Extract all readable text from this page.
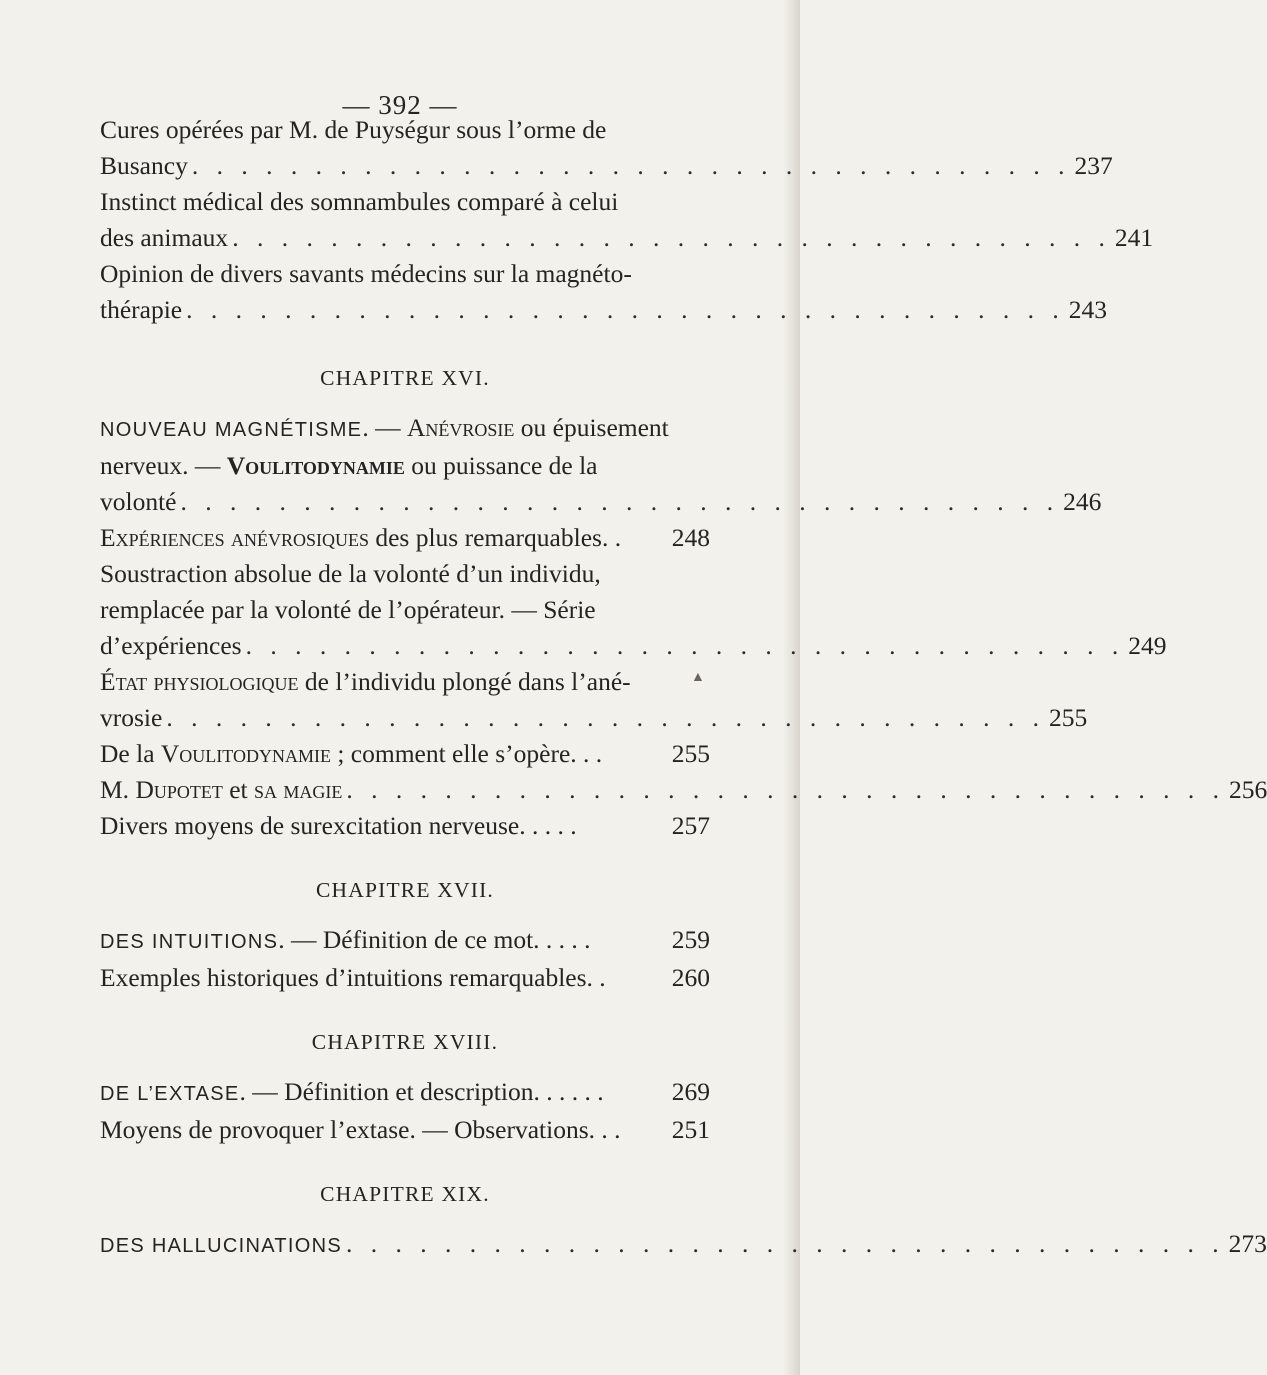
— 392 —
Cures opérées par M. de Puységur sous l’orme de
Busancy . . . . . . . . . . . . . . . . . . . . . . . . . . . . . . . . . . . . 237
Instinct médical des somnambules comparé à celui
des animaux . . . . . . . . . . . . . . . . . . . . . . . . . . . . . . . . . . . . 241
Opinion de divers savants médecins sur la magnéto-
thérapie . . . . . . . . . . . . . . . . . . . . . . . . . . . . . . . . . . . . 243
CHAPITRE XVI.
NOUVEAU MAGNÉTISME. — Anévrosie ou épuisement
nerveux. — Voulitodynamie ou puissance de la
volonté . . . . . . . . . . . . . . . . . . . . . . . . . . . . . . . . . . . . 246
Expériences anévrosiques des plus remarquables. . 248
Soustraction absolue de la volonté d’un individu,
remplacée par la volonté de l’opérateur. — Série
d’expériences . . . . . . . . . . . . . . . . . . . . . . . . . . . . . . . . . . . . 249
▲
État physiologique de l’individu plongé dans l’ané-
vrosie . . . . . . . . . . . . . . . . . . . . . . . . . . . . . . . . . . . . 255
De la Voulitodynamie ; comment elle s’opère. . .	255
M. Dupotet et sa magie . . . . . . . . . . . . . . . . . . . . . . . . . . . . . . . . . . . . 256
Divers moyens de surexcitation nerveuse. . . . .	257
CHAPITRE XVII.
DES INTUITIONS. — Définition de ce mot. . . . .	259
Exemples historiques d’intuitions remarquables. .	260
CHAPITRE XVIII.
DE L’EXTASE. — Définition et description. . . . . .	269
Moyens de provoquer l’extase. — Observations. . . 251
CHAPITRE XIX.
DES HALLUCINATIONS . . . . . . . . . . . . . . . . . . . . . . . . . . . . . . . . . . . . 273
